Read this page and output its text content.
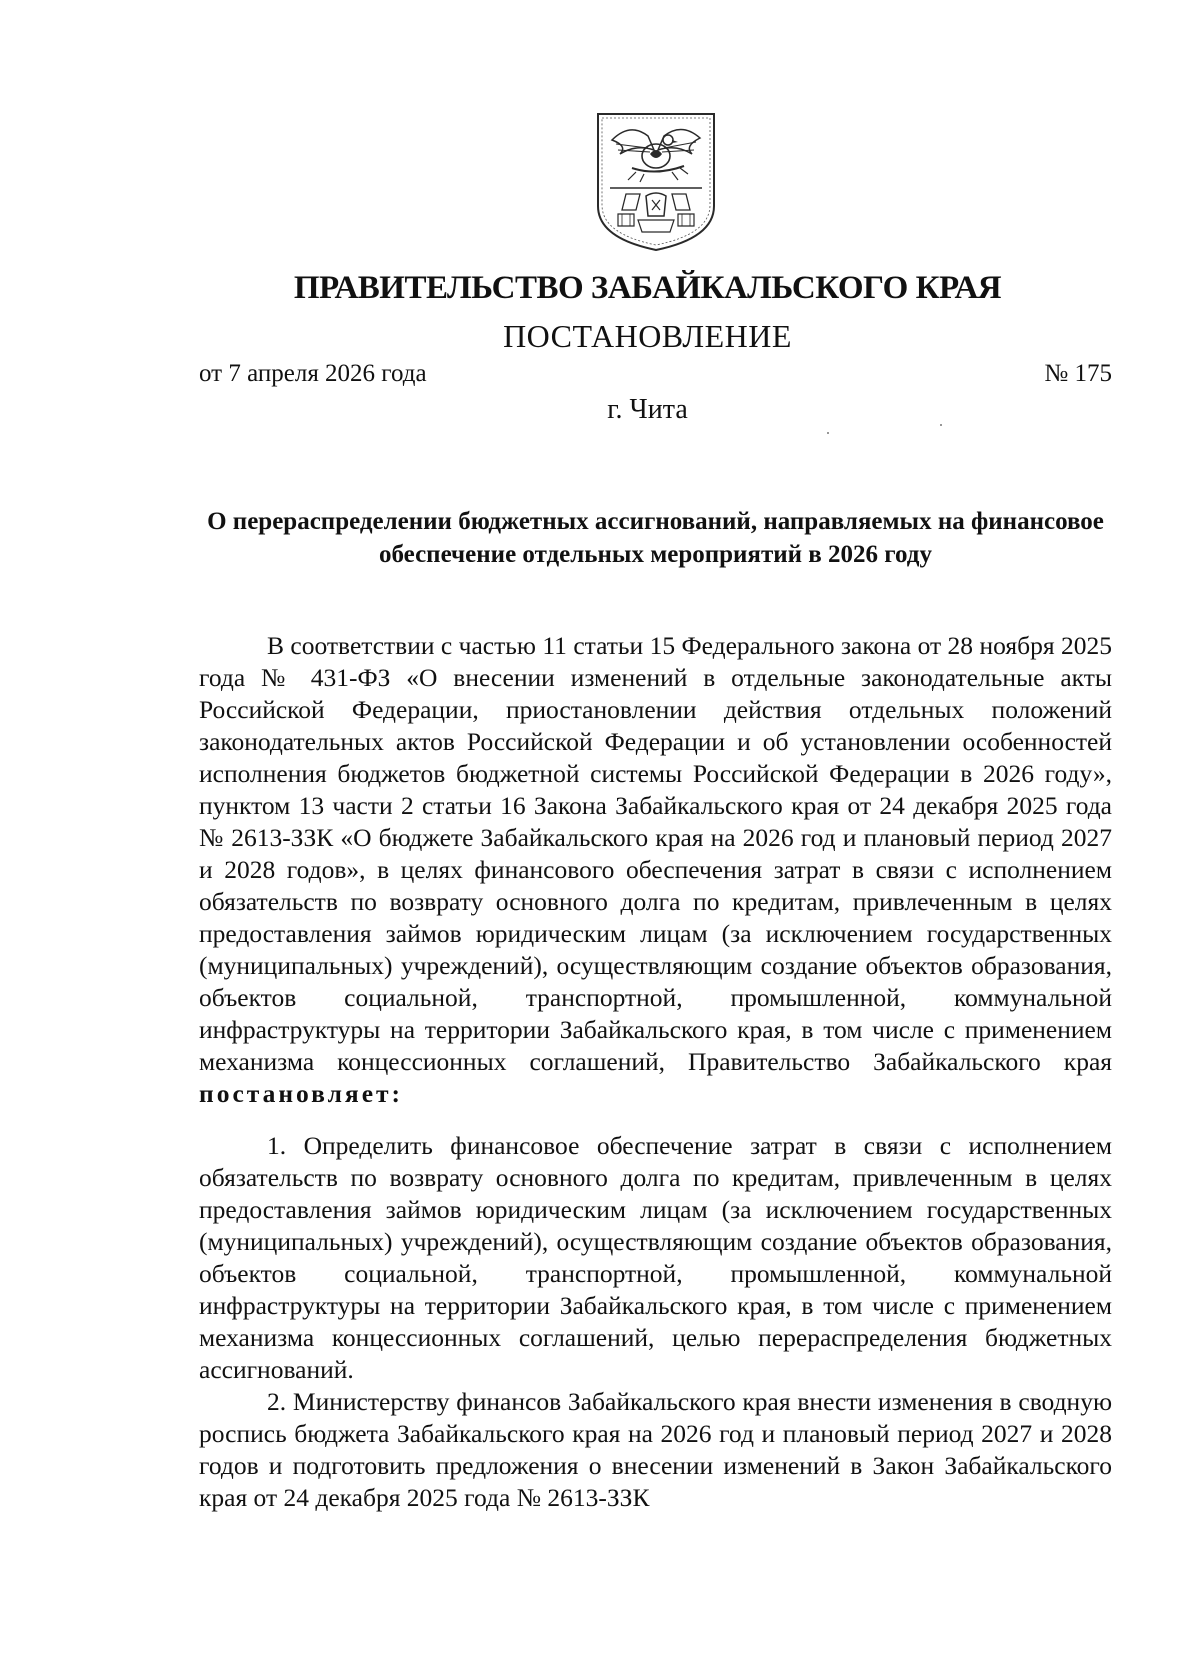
ПРАВИТЕЛЬСТВО ЗАБАЙКАЛЬСКОГО КРАЯ
ПОСТАНОВЛЕНИЕ
от 7 апреля 2026 года	№ 175
г. Чита
О перераспределении бюджетных ассигнований, направляемых на финансовое обеспечение отдельных мероприятий в 2026 году

В соответствии с частью 11 статьи 15 Федерального закона от 28 ноября 2025 года № 431-ФЗ «О внесении изменений в отдельные законодательные акты Российской Федерации, приостановлении действия отдельных положений законодательных актов Российской Федерации и об установлении особенностей исполнения бюджетов бюджетной системы Российской Федерации в 2026 году», пунктом 13 части 2 статьи 16 Закона Забайкальского края от 24 декабря 2025 года № 2613-ЗЗК «О бюджете Забайкальского края на 2026 год и плановый период 2027 и 2028 годов», в целях финансового обеспечения затрат в связи с исполнением обязательств по возврату основного долга по кредитам, привлеченным в целях предоставления займов юридическим лицам (за исключением государственных (муниципальных) учреждений), осуществляющим создание объектов образования, объектов социальной, транспортной, промышленной, коммунальной инфраструктуры на территории Забайкальского края, в том числе с применением механизма концессионных соглашений, Правительство Забайкальского края постановляет:

1. Определить финансовое обеспечение затрат в связи с исполнением обязательств по возврату основного долга по кредитам, привлеченным в целях предоставления займов юридическим лицам (за исключением государственных (муниципальных) учреждений), осуществляющим создание объектов образования, объектов социальной, транспортной, промышленной, коммунальной инфраструктуры на территории Забайкальского края, в том числе с применением механизма концессионных соглашений, целью перераспределения бюджетных ассигнований.

2. Министерству финансов Забайкальского края внести изменения в сводную роспись бюджета Забайкальского края на 2026 год и плановый период 2027 и 2028 годов и подготовить предложения о внесении изменений в Закон Забайкальского края от 24 декабря 2025 года № 2613-ЗЗК
